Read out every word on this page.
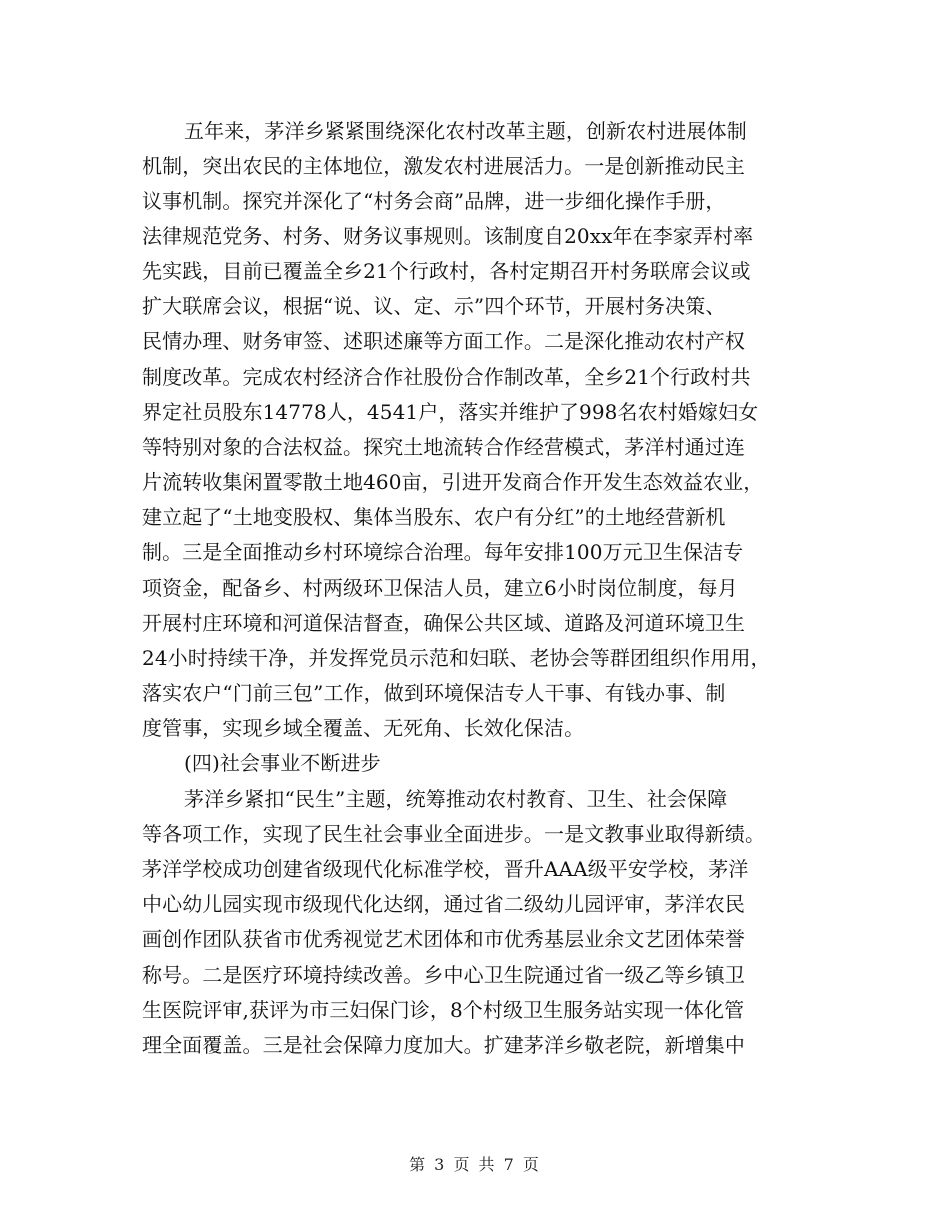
五年来，茅洋乡紧紧围绕深化农村改革主题，创新农村进展体制
机制，突出农民的主体地位，激发农村进展活力。一是创新推动民主
议事机制。探究并深化了“村务会商”品牌，进一步细化操作手册，
法律规范党务、村务、财务议事规则。该制度自20xx年在李家弄村率
先实践，目前已覆盖全乡21个行政村，各村定期召开村务联席会议或
扩大联席会议，根据“说、议、定、示”四个环节，开展村务决策、
民情办理、财务审签、述职述廉等方面工作。二是深化推动农村产权
制度改革。完成农村经济合作社股份合作制改革，全乡21个行政村共
界定社员股东14778人，4541户，落实并维护了998名农村婚嫁妇女
等特别对象的合法权益。探究土地流转合作经营模式，茅洋村通过连
片流转收集闲置零散土地460亩，引进开发商合作开发生态效益农业，
建立起了“土地变股权、集体当股东、农户有分红”的土地经营新机
制。三是全面推动乡村环境综合治理。每年安排100万元卫生保洁专
项资金，配备乡、村两级环卫保洁人员，建立6小时岗位制度，每月
开展村庄环境和河道保洁督查，确保公共区域、道路及河道环境卫生
24小时持续干净，并发挥党员示范和妇联、老协会等群团组织作用用，
落实农户“门前三包”工作，做到环境保洁专人干事、有钱办事、制
度管事，实现乡域全覆盖、无死角、长效化保洁。
(四)社会事业不断进步
茅洋乡紧扣“民生”主题，统筹推动农村教育、卫生、社会保障
等各项工作，实现了民生社会事业全面进步。一是文教事业取得新绩。
茅洋学校成功创建省级现代化标准学校，晋升AAA级平安学校，茅洋
中心幼儿园实现市级现代化达纲，通过省二级幼儿园评审，茅洋农民
画创作团队获省市优秀视觉艺术团体和市优秀基层业余文艺团体荣誉
称号。二是医疗环境持续改善。乡中心卫生院通过省一级乙等乡镇卫
生医院评审,获评为市三妇保门诊，8个村级卫生服务站实现一体化管
理全面覆盖。三是社会保障力度加大。扩建茅洋乡敬老院，新增集中
第 3 页 共 7 页
